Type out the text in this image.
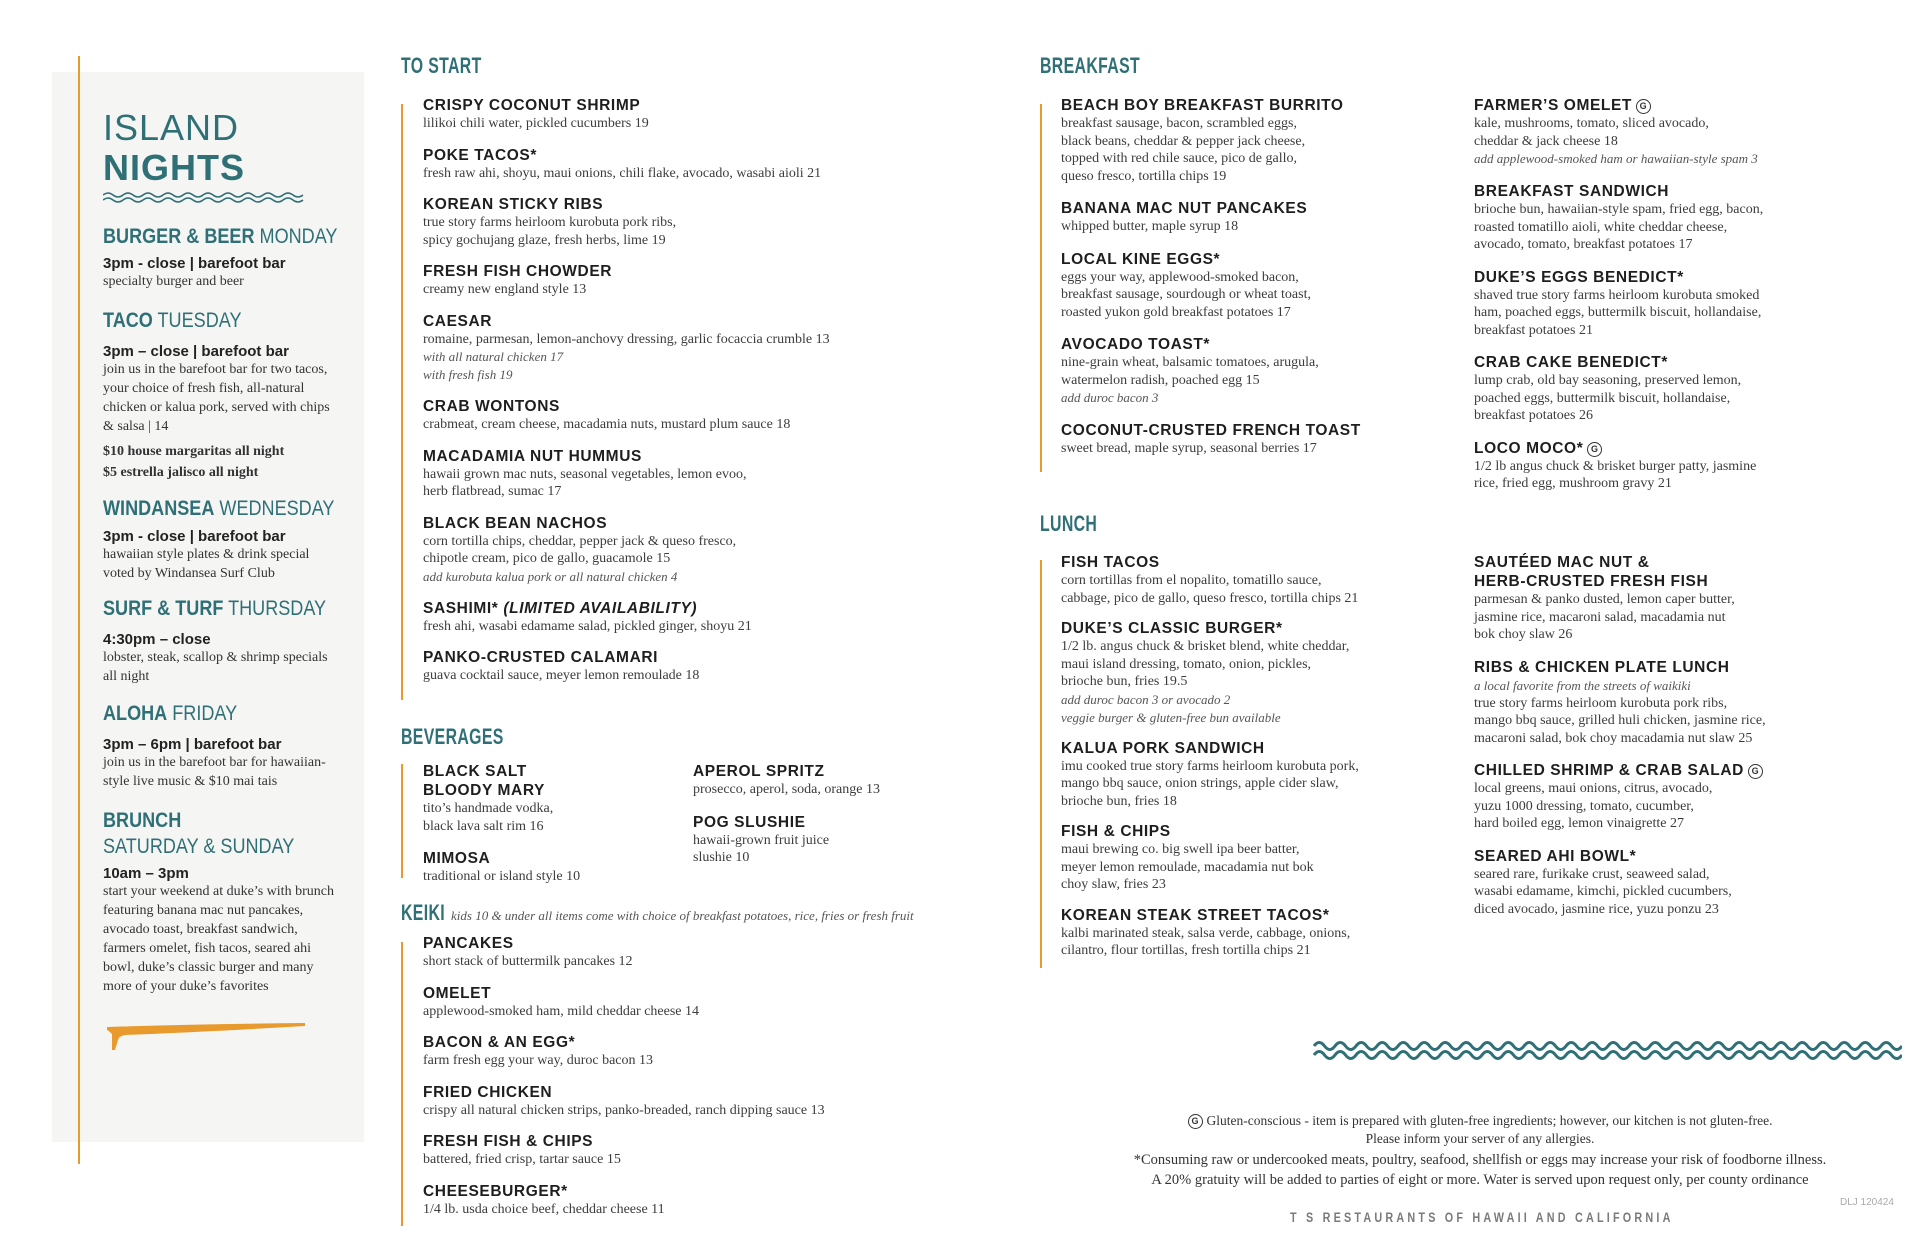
ISLAND NIGHTS
BURGER & BEER MONDAY
3pm - close | barefoot bar
specialty burger and beer
TACO TUESDAY
3pm – close | barefoot bar
join us in the barefoot bar for two tacos, your choice of fresh fish, all-natural chicken or kalua pork, served with chips & salsa | 14
$10 house margaritas all night
$5 estrella jalisco all night
WINDANSEA WEDNESDAY
3pm - close | barefoot bar
hawaiian style plates & drink special voted by Windansea Surf Club
SURF & TURF THURSDAY
4:30pm – close
lobster, steak, scallop & shrimp specials all night
ALOHA FRIDAY
3pm – 6pm | barefoot bar
join us in the barefoot bar for hawaiian-style live music & $10 mai tais
BRUNCH
SATURDAY & SUNDAY
10am – 3pm
start your weekend at duke’s with brunch featuring banana mac nut pancakes, avocado toast, breakfast sandwich, farmers omelet, fish tacos, seared ahi bowl, duke’s classic burger and many more of your duke’s favorites
TO START
CRISPY COCONUT SHRIMP
lilikoi chili water, pickled cucumbers 19
POKE TACOS*
fresh raw ahi, shoyu, maui onions, chili flake, avocado, wasabi aioli 21
KOREAN STICKY RIBS
true story farms heirloom kurobuta pork ribs,
spicy gochujang glaze, fresh herbs, lime 19
FRESH FISH CHOWDER
creamy new england style 13
CAESAR
romaine, parmesan, lemon-anchovy dressing, garlic focaccia crumble 13
with all natural chicken 17
with fresh fish 19
CRAB WONTONS
crabmeat, cream cheese, macadamia nuts, mustard plum sauce 18
MACADAMIA NUT HUMMUS
hawaii grown mac nuts, seasonal vegetables, lemon evoo,
herb flatbread, sumac 17
BLACK BEAN NACHOS
corn tortilla chips, cheddar, pepper jack & queso fresco,
chipotle cream, pico de gallo, guacamole 15
add kurobuta kalua pork or all natural chicken 4
SASHIMI* (LIMITED AVAILABILITY)
fresh ahi, wasabi edamame salad, pickled ginger, shoyu 21
PANKO-CRUSTED CALAMARI
guava cocktail sauce, meyer lemon remoulade 18
BEVERAGES
BLACK SALT
BLOODY MARY
tito’s handmade vodka,
black lava salt rim 16
MIMOSA
traditional or island style 10
APEROL SPRITZ
prosecco, aperol, soda, orange 13
POG SLUSHIE
hawaii-grown fruit juice
slushie 10
KEIKI kids 10 & under all items come with choice of breakfast potatoes, rice, fries or fresh fruit
PANCAKES
short stack of buttermilk pancakes 12
OMELET
applewood-smoked ham, mild cheddar cheese 14
BACON & AN EGG*
farm fresh egg your way, duroc bacon 13
FRIED CHICKEN
crispy all natural chicken strips, panko-breaded, ranch dipping sauce 13
FRESH FISH & CHIPS
battered, fried crisp, tartar sauce 15
CHEESEBURGER*
1/4 lb. usda choice beef, cheddar cheese 11
BREAKFAST
BEACH BOY BREAKFAST BURRITO
breakfast sausage, bacon, scrambled eggs,
black beans, cheddar & pepper jack cheese,
topped with red chile sauce, pico de gallo,
queso fresco, tortilla chips 19
BANANA MAC NUT PANCAKES
whipped butter, maple syrup 18
LOCAL KINE EGGS*
eggs your way, applewood-smoked bacon,
breakfast sausage, sourdough or wheat toast,
roasted yukon gold breakfast potatoes 17
AVOCADO TOAST*
nine-grain wheat, balsamic tomatoes, arugula,
watermelon radish, poached egg 15
add duroc bacon 3
COCONUT-CRUSTED FRENCH TOAST
sweet bread, maple syrup, seasonal berries 17
FARMER’S OMELET G
kale, mushrooms, tomato, sliced avocado,
cheddar & jack cheese 18
add applewood-smoked ham or hawaiian-style spam 3
BREAKFAST SANDWICH
brioche bun, hawaiian-style spam, fried egg, bacon,
roasted tomatillo aioli, white cheddar cheese,
avocado, tomato, breakfast potatoes 17
DUKE’S EGGS BENEDICT*
shaved true story farms heirloom kurobuta smoked
ham, poached eggs, buttermilk biscuit, hollandaise,
breakfast potatoes 21
CRAB CAKE BENEDICT*
lump crab, old bay seasoning, preserved lemon,
poached eggs, buttermilk biscuit, hollandaise,
breakfast potatoes 26
LOCO MOCO* G
1/2 lb angus chuck & brisket burger patty, jasmine
rice, fried egg, mushroom gravy 21
LUNCH
FISH TACOS
corn tortillas from el nopalito, tomatillo sauce,
cabbage, pico de gallo, queso fresco, tortilla chips 21
DUKE’S CLASSIC BURGER*
1/2 lb. angus chuck & brisket blend, white cheddar,
maui island dressing, tomato, onion, pickles,
brioche bun, fries 19.5
add duroc bacon 3 or avocado 2
veggie burger & gluten-free bun available
KALUA PORK SANDWICH
imu cooked true story farms heirloom kurobuta pork,
mango bbq sauce, onion strings, apple cider slaw,
brioche bun, fries 18
FISH & CHIPS
maui brewing co. big swell ipa beer batter,
meyer lemon remoulade, macadamia nut bok
choy slaw, fries 23
KOREAN STEAK STREET TACOS*
kalbi marinated steak, salsa verde, cabbage, onions,
cilantro, flour tortillas, fresh tortilla chips 21
SAUTÉED MAC NUT &
HERB-CRUSTED FRESH FISH
parmesan & panko dusted, lemon caper butter,
jasmine rice, macaroni salad, macadamia nut
bok choy slaw 26
RIBS & CHICKEN PLATE LUNCH
a local favorite from the streets of waikiki
true story farms heirloom kurobuta pork ribs,
mango bbq sauce, grilled huli chicken, jasmine rice,
macaroni salad, bok choy macadamia nut slaw 25
CHILLED SHRIMP & CRAB SALAD G
local greens, maui onions, citrus, avocado,
yuzu 1000 dressing, tomato, cucumber,
hard boiled egg, lemon vinaigrette 27
SEARED AHI BOWL*
seared rare, furikake crust, seaweed salad,
wasabi edamame, kimchi, pickled cucumbers,
diced avocado, jasmine rice, yuzu ponzu 23
G Gluten-conscious - item is prepared with gluten-free ingredients; however, our kitchen is not gluten-free.
Please inform your server of any allergies.
*Consuming raw or undercooked meats, poultry, seafood, shellfish or eggs may increase your risk of foodborne illness.
A 20% gratuity will be added to parties of eight or more. Water is served upon request only, per county ordinance
T S RESTAURANTS OF HAWAII AND CALIFORNIA
DLJ 120424
